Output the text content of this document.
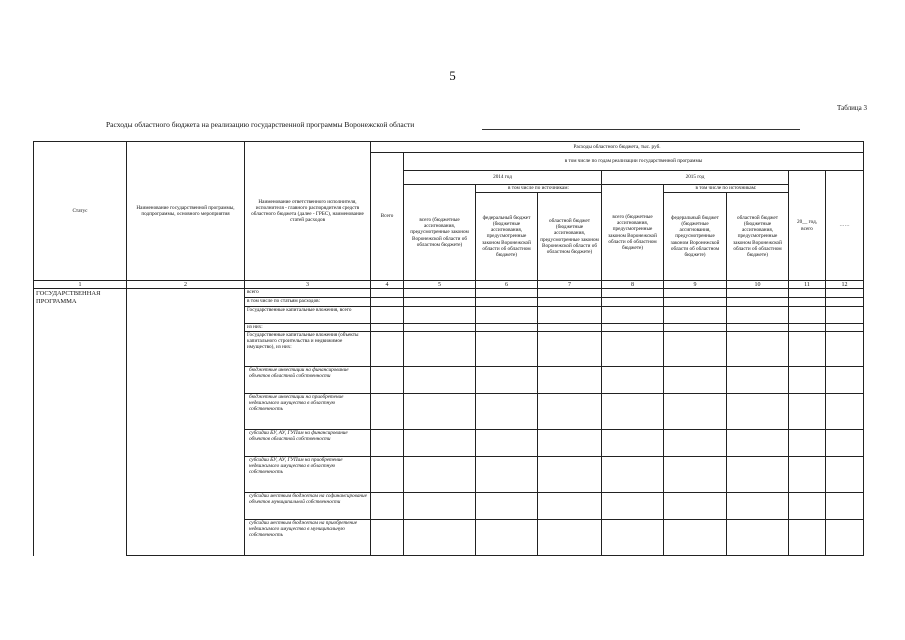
5
Таблица 3
Расходы областного бюджета на реализацию государственной программы Воронежской области
Статус	Наименование государственной программы, подпрограммы, основного мероприятия	Наименование ответственного исполнителя, исполнителя - главного распорядителя средств областного бюджета (далее - ГРБС), наименование статей расходов	Расходы областного бюджета, тыс. руб.								
			Всего	в том числе по годам реализации государственной программы							
				2014 год			2015 год			20__ год, всего	……
				всего (бюджетные ассигнования, предусмотренные законом Воронежской области об областном бюджете)	в том числе по источникам:		всего (бюджетные ассигнования, предусмотренные законом Воронежской области об областном бюджете)	в том числе по источникам:			
					федеральный бюджет (бюджетные ассигнования, предусмотренные законом Воронежской области об областном бюджете)	областной бюджет (бюджетные ассигнования, предусмотренные законом Воронежской области об областном бюджете)		федеральный бюджет (бюджетные ассигнования, предусмотренные законом Воронежской области об областном бюджете)	областной бюджет (бюджетные ассигнования, предусмотренные законом Воронежской области об областном бюджете)		

1	2	3	4	5	6	7	8	9	10	11	12
ГОСУДАРСТВЕННАЯ ПРОГРАММА		всего									
		в том числе по статьям расходов:									
		Государственные капитальные вложения, всего									
		из них:									
		Государственные капитальные вложения (объекты капитального строительства и недвижимое имущество), из них:									
		бюджетные инвестиции на финансирование объектов областной собственности									
		бюджетные инвестиции на приобретение недвижимого имущества в областную собственность									
		субсидии БУ, АУ, ГУПам на финансирование объектов областной собственности									
		субсидии БУ, АУ, ГУПам на приобретение недвижимого имущества в областную собственность									
		субсидии местным бюджетам на софинансирование объектов муниципальной собственности									
		субсидии местным бюджетам на приобретение недвижимого имущества в муниципальную собственность									
